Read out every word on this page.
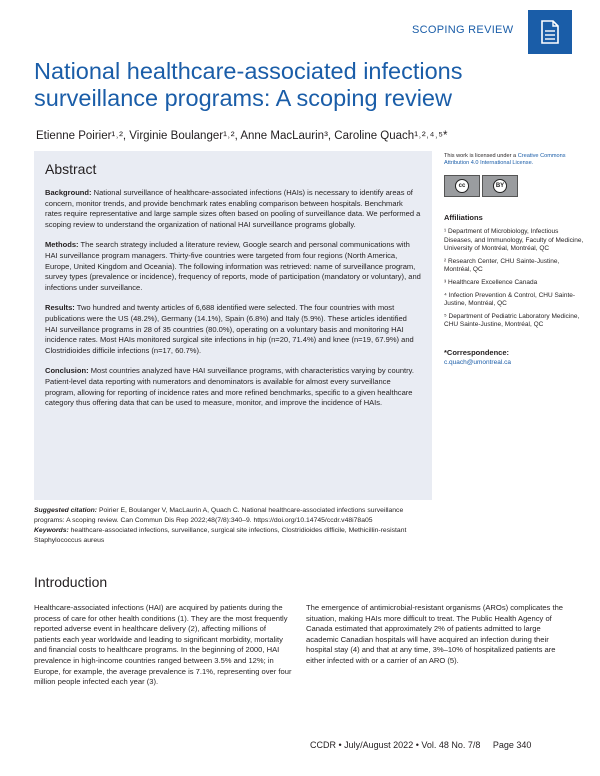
SCOPING REVIEW
National healthcare-associated infections surveillance programs: A scoping review
Etienne Poirier¹˒², Virginie Boulanger¹˒², Anne MacLaurin³, Caroline Quach¹˒²˒⁴˒⁵*
Abstract

Background: National surveillance of healthcare-associated infections (HAIs) is necessary to identify areas of concern, monitor trends, and provide benchmark rates enabling comparison between hospitals. Benchmark rates require representative and large sample sizes often based on pooling of surveillance data. We performed a scoping review to understand the organization of national HAI surveillance programs globally.

Methods: The search strategy included a literature review, Google search and personal communications with HAI surveillance program managers. Thirty-five countries were targeted from four regions (North America, Europe, United Kingdom and Oceania). The following information was retrieved: name of surveillance program, survey types (prevalence or incidence), frequency of reports, mode of participation (mandatory or voluntary), and infections under surveillance.

Results: Two hundred and twenty articles of 6,688 identified were selected. The four countries with most publications were the US (48.2%), Germany (14.1%), Spain (6.8%) and Italy (5.9%). These articles identified HAI surveillance programs in 28 of 35 countries (80.0%), operating on a voluntary basis and monitoring HAI incidence rates. Most HAIs monitored surgical site infections in hip (n=20, 71.4%) and knee (n=19, 67.9%) and Clostridioides difficile infections (n=17, 60.7%).

Conclusion: Most countries analyzed have HAI surveillance programs, with characteristics varying by country. Patient-level data reporting with numerators and denominators is available for almost every surveillance program, allowing for reporting of incidence rates and more refined benchmarks, specific to a given healthcare category thus offering data that can be used to measure, monitor, and improve the incidence of HAIs.

This work is licensed under a Creative Commons Attribution 4.0 International License.
cc	BY
Affiliations
¹ Department of Microbiology, Infectious Diseases, and Immunology, Faculty of Medicine, University of Montréal, Montréal, QC
² Research Center, CHU Sainte-Justine, Montréal, QC
³ Healthcare Excellence Canada
⁴ Infection Prevention & Control, CHU Sainte-Justine, Montréal, QC
⁵ Department of Pediatric Laboratory Medicine, CHU Sainte-Justine, Montréal, QC
*Correspondence:
c.quach@umontreal.ca
Suggested citation: Poirier E, Boulanger V, MacLaurin A, Quach C. National healthcare-associated infections surveillance programs: A scoping review. Can Commun Dis Rep 2022;48(7/8):340–9. https://doi.org/10.14745/ccdr.v48i78a05
Keywords: healthcare-associated infections, surveillance, surgical site infections, Clostridioides difficile, Methicillin-resistant Staphylococcus aureus
Introduction

Healthcare-associated infections (HAI) are acquired by patients during the process of care for other health conditions (1). They are the most frequently reported adverse event in healthcare delivery (2), affecting millions of patients each year worldwide and leading to significant morbidity, mortality and financial costs to healthcare programs. In the beginning of 2000, HAI prevalence in high-income countries ranged between 3.5% and 12%; in Europe, for example, the average prevalence is 7.1%, representing over four million people infected each year (3).

The emergence of antimicrobial-resistant organisms (AROs) complicates the situation, making HAIs more difficult to treat. The Public Health Agency of Canada estimated that approximately 2% of patients admitted to large academic Canadian hospitals will have acquired an infection during their hospital stay (4) and that at any time, 3%–10% of hospitalized patients are either infected with or a carrier of an ARO (5).

CCDR • July/August 2022 • Vol. 48 No. 7/8     Page 340
